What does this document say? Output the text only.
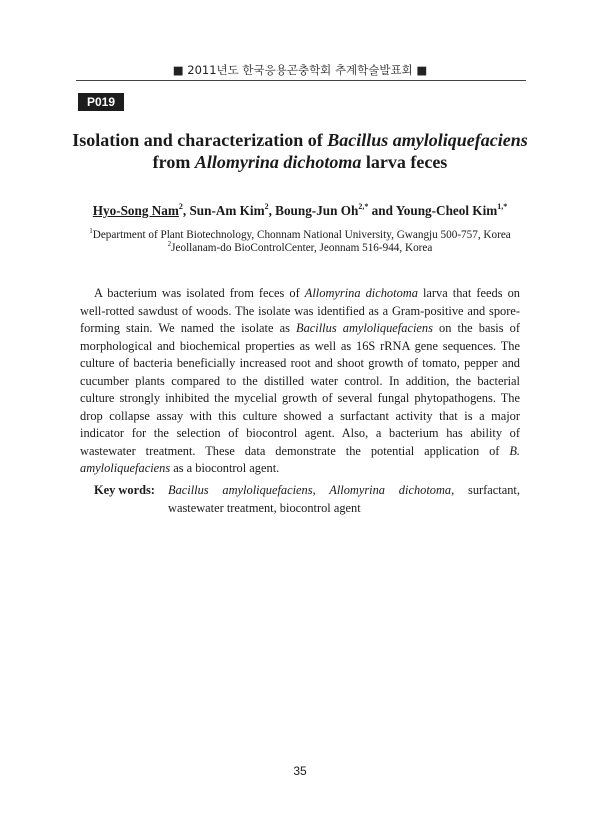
■ 2011년도 한국응용곤충학회 추계학술발표회 ■
P019
Isolation and characterization of Bacillus amyloliquefaciens
from Allomyrina dichotoma larva feces
Hyo-Song Nam$^2$, Sun-Am Kim$^2$, Boung-Jun $Oh^{2,*}$ and Young-Cheol Kim$^{1,*}$
$^1$Department of Plant Biotechnology, Chonnam National University, Gwangju 500-757, Korea
$^2$Jeollanam-do BioControlCenter, Jeonnam 516-944, Korea
A bacterium was isolated from feces of Allomyrina dichotoma larva that feeds on well-rotted sawdust of woods. The isolate was identified as a Gram-positive and spore-forming stain. We named the isolate as Bacillus amyloliquefaciens on the basis of morphological and biochemical properties as well as 16S rRNA gene sequences. The culture of bacteria beneficially increased root and shoot growth of tomato, pepper and cucumber plants compared to the distilled water control. In addition, the bacterial culture strongly inhibited the mycelial growth of several fungal phytopathogens. The drop collapse assay with this culture showed a surfactant activity that is a major indicator for the selection of biocontrol agent. Also, a bacterium has ability of wastewater treatment. These data demonstrate the potential application of B. amyloliquefaciens as a biocontrol agent.
Key words: Bacillus amyloliquefaciens, Allomyrina dichotoma, surfactant, wastewater treatment, biocontrol agent
35
